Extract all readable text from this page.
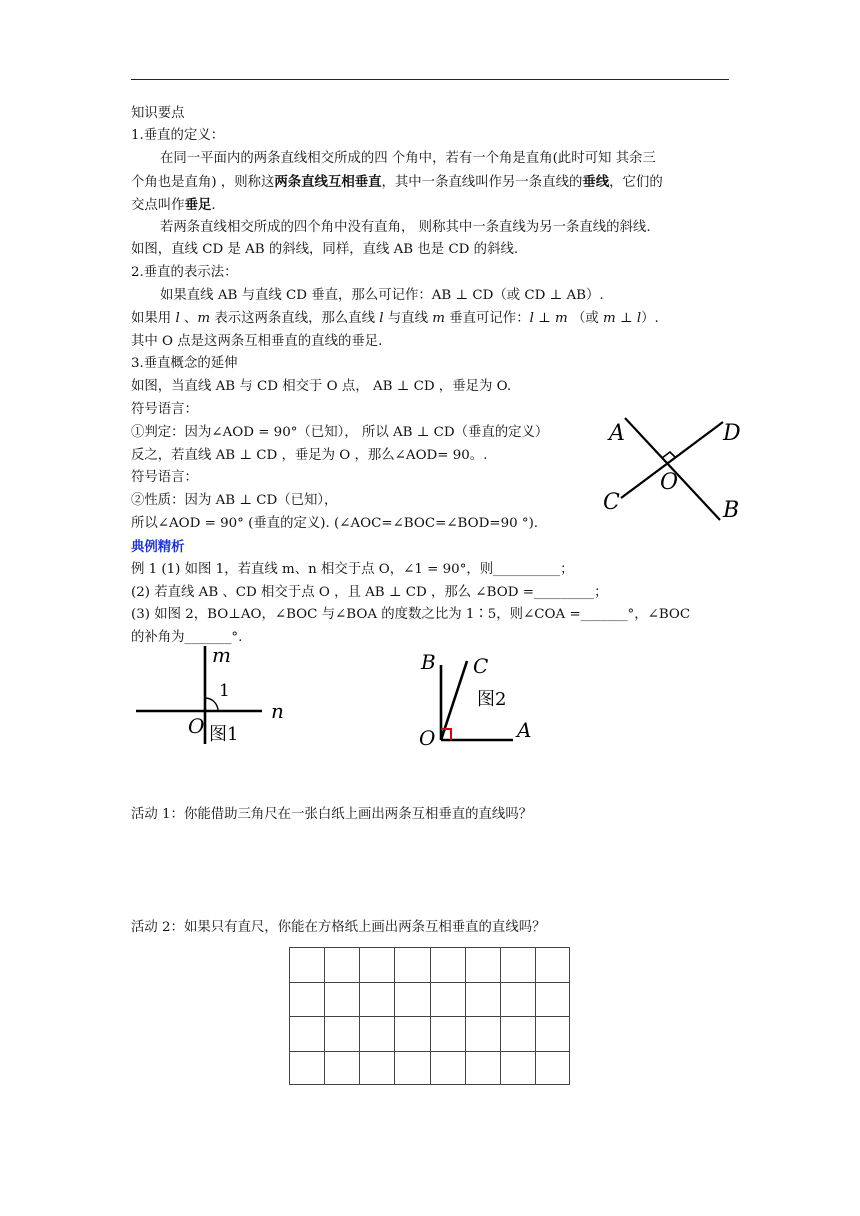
知识要点
1.垂直的定义：
在同一平面内的两条直线相交所成的四 个角中，若有一个角是直角(此时可知 其余三
个角也是直角) ，则称这两条直线互相垂直，其中一条直线叫作另一条直线的垂线，它们的
交点叫作垂足.
若两条直线相交所成的四个角中没有直角， 则称其中一条直线为另一条直线的斜线.
如图，直线 CD 是 AB 的斜线，同样，直线 AB 也是 CD 的斜线.
2.垂直的表示法：
如果直线 AB 与直线 CD 垂直，那么可记作：AB ⊥ CD（或 CD ⊥ AB）.
如果用 l 、m 表示这两条直线，那么直线 l 与直线 m 垂直可记作：l ⊥ m （或 m ⊥ l）.
其中 O 点是这两条互相垂直的直线的垂足.
3.垂直概念的延伸
如图，当直线 AB 与 CD 相交于 O 点， AB ⊥ CD ，垂足为 O.
符号语言：
①判定：因为∠AOD = 90°（已知）， 所以 AB ⊥ CD（垂直的定义）
反之，若直线 AB ⊥ CD ，垂足为 O ，那么∠AOD= 90。.
符号语言：
②性质：因为 AB ⊥ CD（已知），
所以∠AOD = 90° (垂直的定义). (∠AOC=∠BOC=∠BOD=90 °).
A	D
O
C	B
典例精析
例 1 (1) 如图 1，若直线 m、n 相交于点 O，∠1 = 90°，则__________；
(2) 若直线 AB 、CD 相交于点 O ，且 AB ⊥ CD ，那么 ∠BOD =_________；
(3) 如图 2，BO⊥AO，∠BOC 与∠BOA 的度数之比为 1∶5，则∠COA =_______°，∠BOC
的补角为_______°.
m
1
n
O 图1
B C
图2
O	A
活动 1：你能借助三角尺在一张白纸上画出两条互相垂直的直线吗？
活动 2：如果只有直尺，你能在方格纸上画出两条互相垂直的直线吗？
